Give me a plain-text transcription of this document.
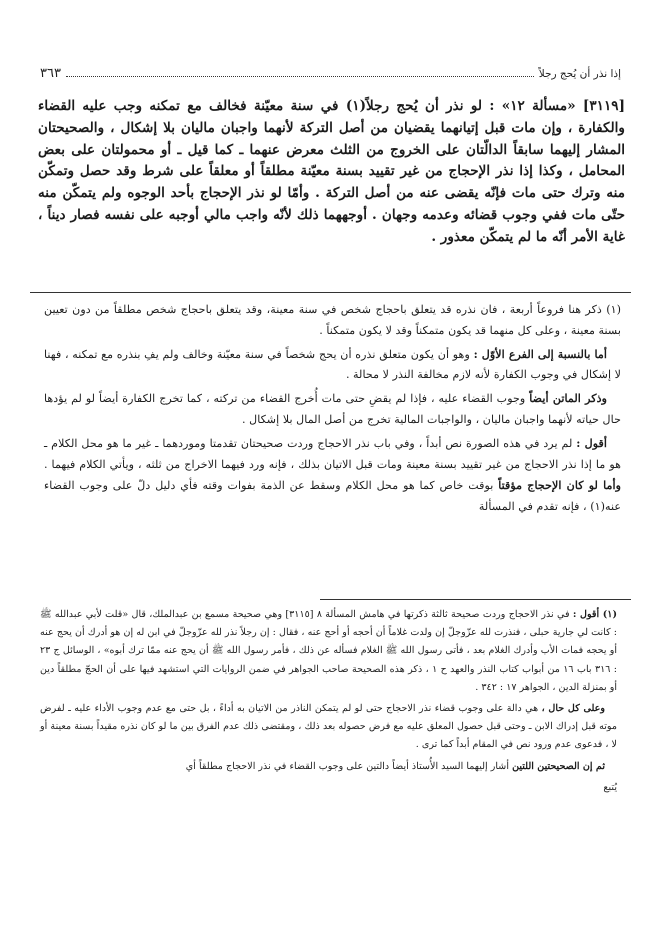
إذا نذر أن يُحج رجلاً
٣٦٣

[٣١١٩] «مسألة ١٢» : لو نذر أن يُحج رجلاً(١) في سنة معيّنة فخالف مع تمكنه وجب عليه القضاء والكفارة ، وإن مات قبل إتيانهما يقضيان من أصل التركة لأنهما واجبان ماليان بلا إشكال ، والصحيحتان المشار إليهما سابقاً الدالّتان على الخروج من الثلث معرض عنهما ـ كما قيل ـ أو محمولتان على بعض المحامل ، وكذا إذا نذر الإحجاج من غير تقييد بسنة معيّنة مطلقاً أو معلقاً على شرط وقد حصل وتمكّن منه وترك حتى مات فإنّه يقضى عنه من أصل التركة . وأمّا لو نذر الإحجاج بأحد الوجوه ولم يتمكّن منه حتّى مات ففي وجوب قضائه وعدمه وجهان . أوجههما ذلك لأنّه واجب مالي أوجبه على نفسه فصار ديناً ، غاية الأمر أنّه ما لم يتمكّن معذور .

(١) ذكر هنا فروعاً أربعة ، فان نذره قد يتعلق باحجاج شخص في سنة معينة، وقد يتعلق باحجاج شخص مطلقاً من دون تعيين بسنة معينة ، وعلى كل منهما قد يكون متمكناً وقد لا يكون متمكناً .

أما بالنسبة إلى الفرع الأوّل : وهو أن يكون متعلق نذره أن يحج شخصاً في سنة معيّنة وخالف ولم يفِ بنذره مع تمكنه ، فهنا لا إشكال في وجوب الكفارة لأنه لازم مخالفة النذر لا محالة .

وذكر الماتن أيضاً وجوب القضاء عليه ، فإذا لم يقضِ حتى مات أُخرج القضاء من تركته ، كما تخرج الكفارة أيضاً لو لم يؤدها حال حياته لأنهما واجبان ماليان ، والواجبات المالية تخرج من أصل المال بلا إشكال .

أقول : لم يرد في هذه الصورة نص أبداً ، وفي باب نذر الاحجاج وردت صحيحتان تقدمتا وموردهما ـ غير ما هو محل الكلام ـ هو ما إذا نذر الاحجاج من غير تقييد بسنة معينة ومات قبل الاتيان بذلك ، فإنه ورد فيهما الاخراج من ثلثه ، ويأتي الكلام فيهما . وأما لو كان الإحجاج مؤقتاً بوقت خاص كما هو محل الكلام وسقط عن الذمة بفوات وقته فأي دليل دلّ على وجوب القضاء عنه(١) ، فإنه تقدم في المسألة

(١) أقول : في نذر الاحجاج وردت صحيحة ثالثة ذكرتها في هامش المسألة ٨ [٣١١٥] وهي صحيحة مسمع بن عبدالملك، قال «قلت لأبي عبدالله ﷺ : كانت لي جارية حبلى ، فنذرت لله عزّوجلّ إن ولدت غلاماً أن أحجه أو أحج عنه ، فقال : إن رجلاً نذر لله عزّوجلّ في ابن له إن هو أدرك أن يحج عنه أو يحجه فمات الأب وأدرك الغلام بعد ، فأتى رسول الله ﷺ الغلام فسأله عن ذلك ، فأمر رسول الله ﷺ أن يحج عنه ممّا ترك أبوه» ، الوسائل ج ٢٣ : ٣١٦ باب ١٦ من أبواب كتاب النذر والعهد ح ١ ، ذكر هذه الصحيحة صاحب الجواهر في ضمن الروايات التي استشهد فيها على أن الحجّ مطلقاً دين أو بمنزلة الدين ، الجواهر ١٧ : ٣٤٢ .

وعلى كل حال ، هي دالة على وجوب قضاء نذر الاحجاج حتى لو لم يتمكن الناذر من الاتيان به أداءً ، بل حتى مع عدم وجوب الأداء عليه ـ لفرض موته قبل إدراك الابن ـ وحتى قبل حصول المعلق عليه مع فرض حصوله بعد ذلك ، ومقتضى ذلك عدم الفرق بين ما لو كان نذره مقيداً بسنة معينة أو لا ، فدعوى عدم ورود نص في المقام أبداً كما ترى .

ثم إن الصحيحتين اللتين أشار إليهما السيد الأُستاذ أيضاً دالتين على وجوب القضاء في نذر الاحجاج مطلقاً أي

يُتبع
